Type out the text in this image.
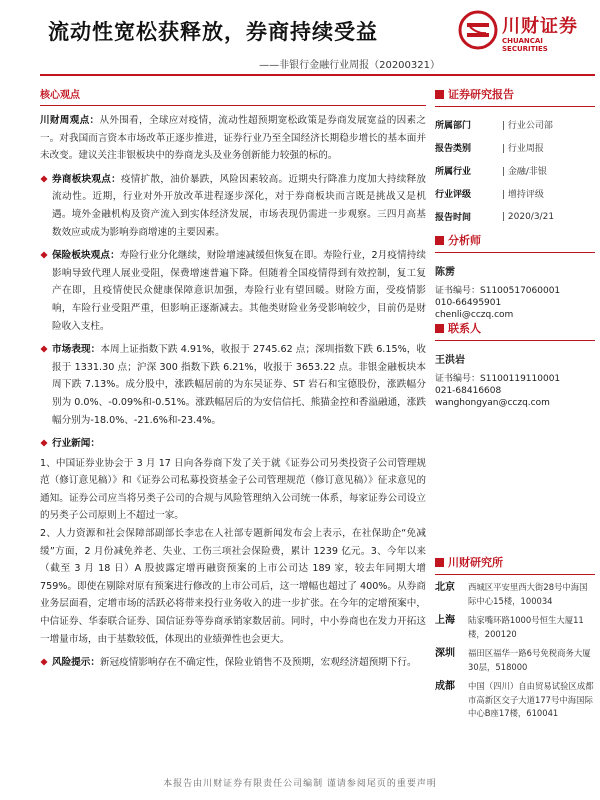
流动性宽松获释放，券商持续受益
——非银行金融行业周报（20200321）
川财证券
CHUANCAI SECURITIES
核心观点

川财周观点：从外围看，全球应对疫情，流动性超预期宽松政策是券商发展宽益的因素之一。对我国而言资本市场改革正逐步推进，证券行业乃至全国经济长期稳步增长的基本面并未改变。建议关注非银板块中的券商龙头及业务创新能力较强的标的。

券商板块观点：疫情扩散，油价暴跌，风险因素较高。近期央行降准力度加大持续释放流动性。近期，行业对外开放改革进程逐步深化，对于券商板块而言既是挑战又是机遇。境外金融机构及资产流入到实体经济发展，市场表现仍需进一步观察。三四月高基数效应或成为影响券商增速的主要因素。

保险板块观点：寿险行业分化继续，财险增速减缓但恢复在即。寿险行业，2月疫情持续影响导致代理人展业受阻，保费增速普遍下降。但随着全国疫情得到有效控制，复工复产在即，且疫情使民众健康保障意识加强，寿险行业有望回暖。财险方面，受疫情影响，车险行业受阻严重，但影响正逐渐减去。其他类财险业务受影响较少，目前仍是财险收入支柱。

市场表现：本周上证指数下跌 4.91%，收报于 2745.62 点；深圳指数下跌 6.15%，收报于 1331.30 点；沪深 300 指数下跌 6.21%，收报于 3653.22 点。非银金融板块本周下跌 7.13%。成分股中，涨跌幅居前的为东吴证券、ST 岩石和宝德股份，涨跌幅分别为 0.0%、-0.09%和-0.51%。涨跌幅居后的为安信信托、熊猫金控和香溢融通，涨跌幅分别为-18.0%、-21.6%和-23.4%。

行业新闻：

1、中国证券业协会于 3 月 17 日向各券商下发了关于就《证券公司另类投资子公司管理规范（修订意见稿）》和《证券公司私募投资基金子公司管理规范（修订意见稿）》征求意见的通知。证券公司应当将另类子公司的合规与风险管理纳入公司统一体系，每家证券公司设立的另类子公司原则上不超过一家。

2、人力资源和社会保障部副部长李忠在人社部专题新闻发布会上表示，在社保助企“免减缓”方面，2 月份减免养老、失业、工伤三项社会保险费，累计 1239 亿元。3、今年以来（截至 3 月 18 日）A 股披露定增再融资预案的上市公司达 189 家，较去年同期大增 759%。即使在剔除对原有预案进行修改的上市公司后，这一增幅也超过了 400%。从券商业务层面看，定增市场的活跃必将带来投行业务收入的进一步扩张。在今年的定增预案中，中信证券、华泰联合证券、国信证券等券商承销家数居前。同时，中小券商也在发力开拓这一增量市场，由于基数较低，体现出的业绩弹性也会更大。

风险提示：新冠疫情影响存在不确定性，保险业销售不及预期，宏观经济超预期下行。

证券研究报告
所属部门	| 行业公司部
报告类别	| 行业周报
所属行业	| 金融/非银
行业评级	| 增持评级
报告时间	| 2020/3/21
分析师
陈雳
证书编号：S1100517060001
010-66495901
chenli@cczq.com
联系人
王洪岩
证书编号：S1100119110001
021-68416608
wanghongyan@cczq.com
川财研究所
北京	西城区平安里西大街28号中海国际中心15楼，100034
上海	陆家嘴环路1000号恒生大厦11楼，200120
深圳	福田区福华一路6号免税商务大厦30层，518000
成都	中国（四川）自由贸易试验区成都市高新区交子大道177号中海国际中心B座17楼，610041
本报告由川财证券有限责任公司编制 谨请参阅尾页的重要声明
